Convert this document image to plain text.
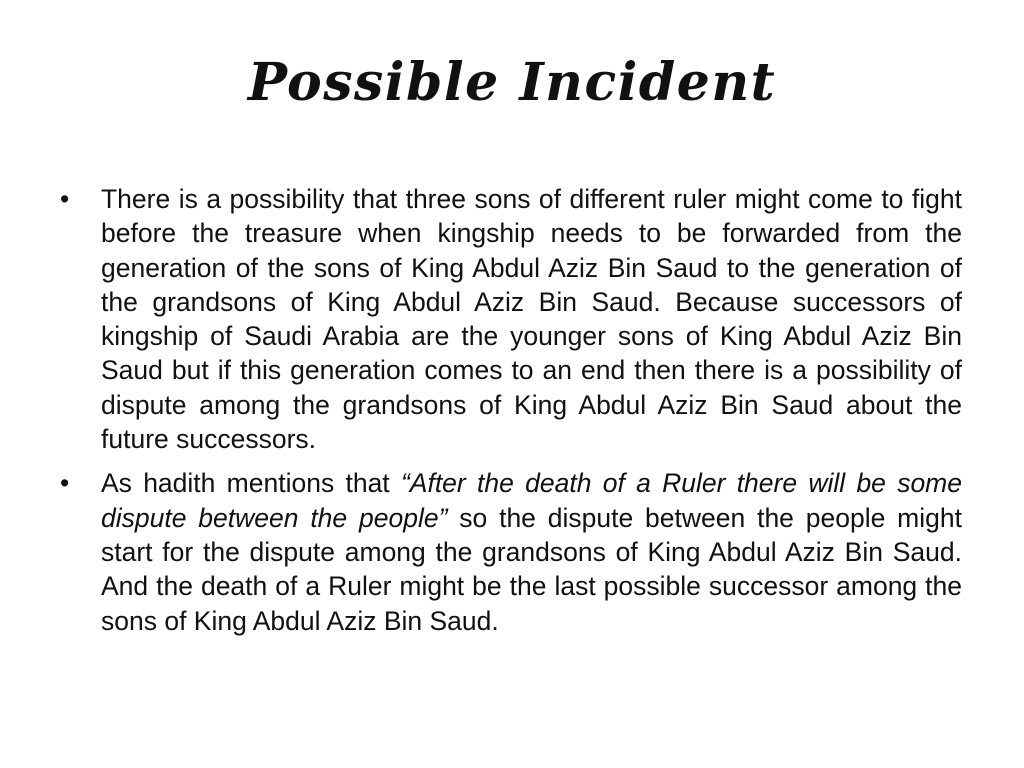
Possible Incident
•	There is a possibility that three sons of different ruler might come to fight before the treasure when kingship needs to be forwarded from the generation of the sons of King Abdul Aziz Bin Saud to the generation of the grandsons of King Abdul Aziz Bin Saud. Because successors of kingship of Saudi Arabia are the younger sons of King Abdul Aziz Bin Saud but if this generation comes to an end then there is a possibility of dispute among the grandsons of King Abdul Aziz Bin Saud about the future successors.
•	As hadith mentions that “After the death of a Ruler there will be some dispute between the people” so the dispute between the people might start for the dispute among the grandsons of King Abdul Aziz Bin Saud. And the death of a Ruler might be the last possible successor among the sons of King Abdul Aziz Bin Saud.
